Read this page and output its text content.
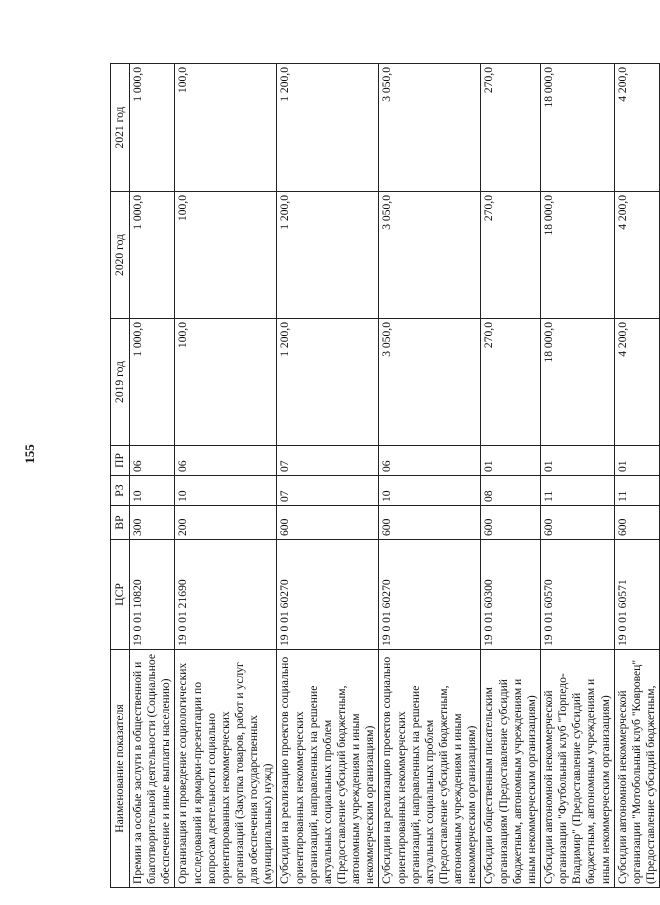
155
Наименование показателя	ЦСР	ВР	РЗ	ПР	2019 год	2020 год	2021 год
Премии за особые заслуги в общественной и благотворительной деятельности (Социальное обеспечение и иные выплаты населению)	19 0 01 10820	300	10	06	1 000,0	1 000,0	1 000,0
Организация и проведение социологических исследований и ярмарки-презентации по вопросам деятельности социально ориентированных некоммерческих организаций (Закупка товаров, работ и услуг для обеспечения государственных (муниципальных) нужд)	19 0 01 21690	200	10	06	100,0	100,0	100,0
Субсидии на реализацию проектов социально ориентированных некоммерческих организаций, направленных на решение актуальных социальных проблем (Предоставление субсидий бюджетным, автономным учреждениям и иным некоммерческим организациям)	19 0 01 60270	600	07	07	1 200,0	1 200,0	1 200,0
Субсидии на реализацию проектов социально ориентированных некоммерческих организаций, направленных на решение актуальных социальных проблем (Предоставление субсидий бюджетным, автономным учреждениям и иным некоммерческим организациям)	19 0 01 60270	600	10	06	3 050,0	3 050,0	3 050,0
Субсидии общественным писательским организациям (Предоставление субсидий бюджетным, автономным учреждениям и иным некоммерческим организациям)	19 0 01 60300	600	08	01	270,0	270,0	270,0
Субсидии автономной некоммерческой организации "Футбольный клуб "Торпедо-Владимир" (Предоставление субсидий бюджетным, автономным учреждениям и иным некоммерческим организациям)	19 0 01 60570	600	11	01	18 000,0	18 000,0	18 000,0
Субсидии автономной некоммерческой организации "Мотобольный клуб "Ковровец" (Предоставление субсидий бюджетным,	19 0 01 60571	600	11	01	4 200,0	4 200,0	4 200,0
